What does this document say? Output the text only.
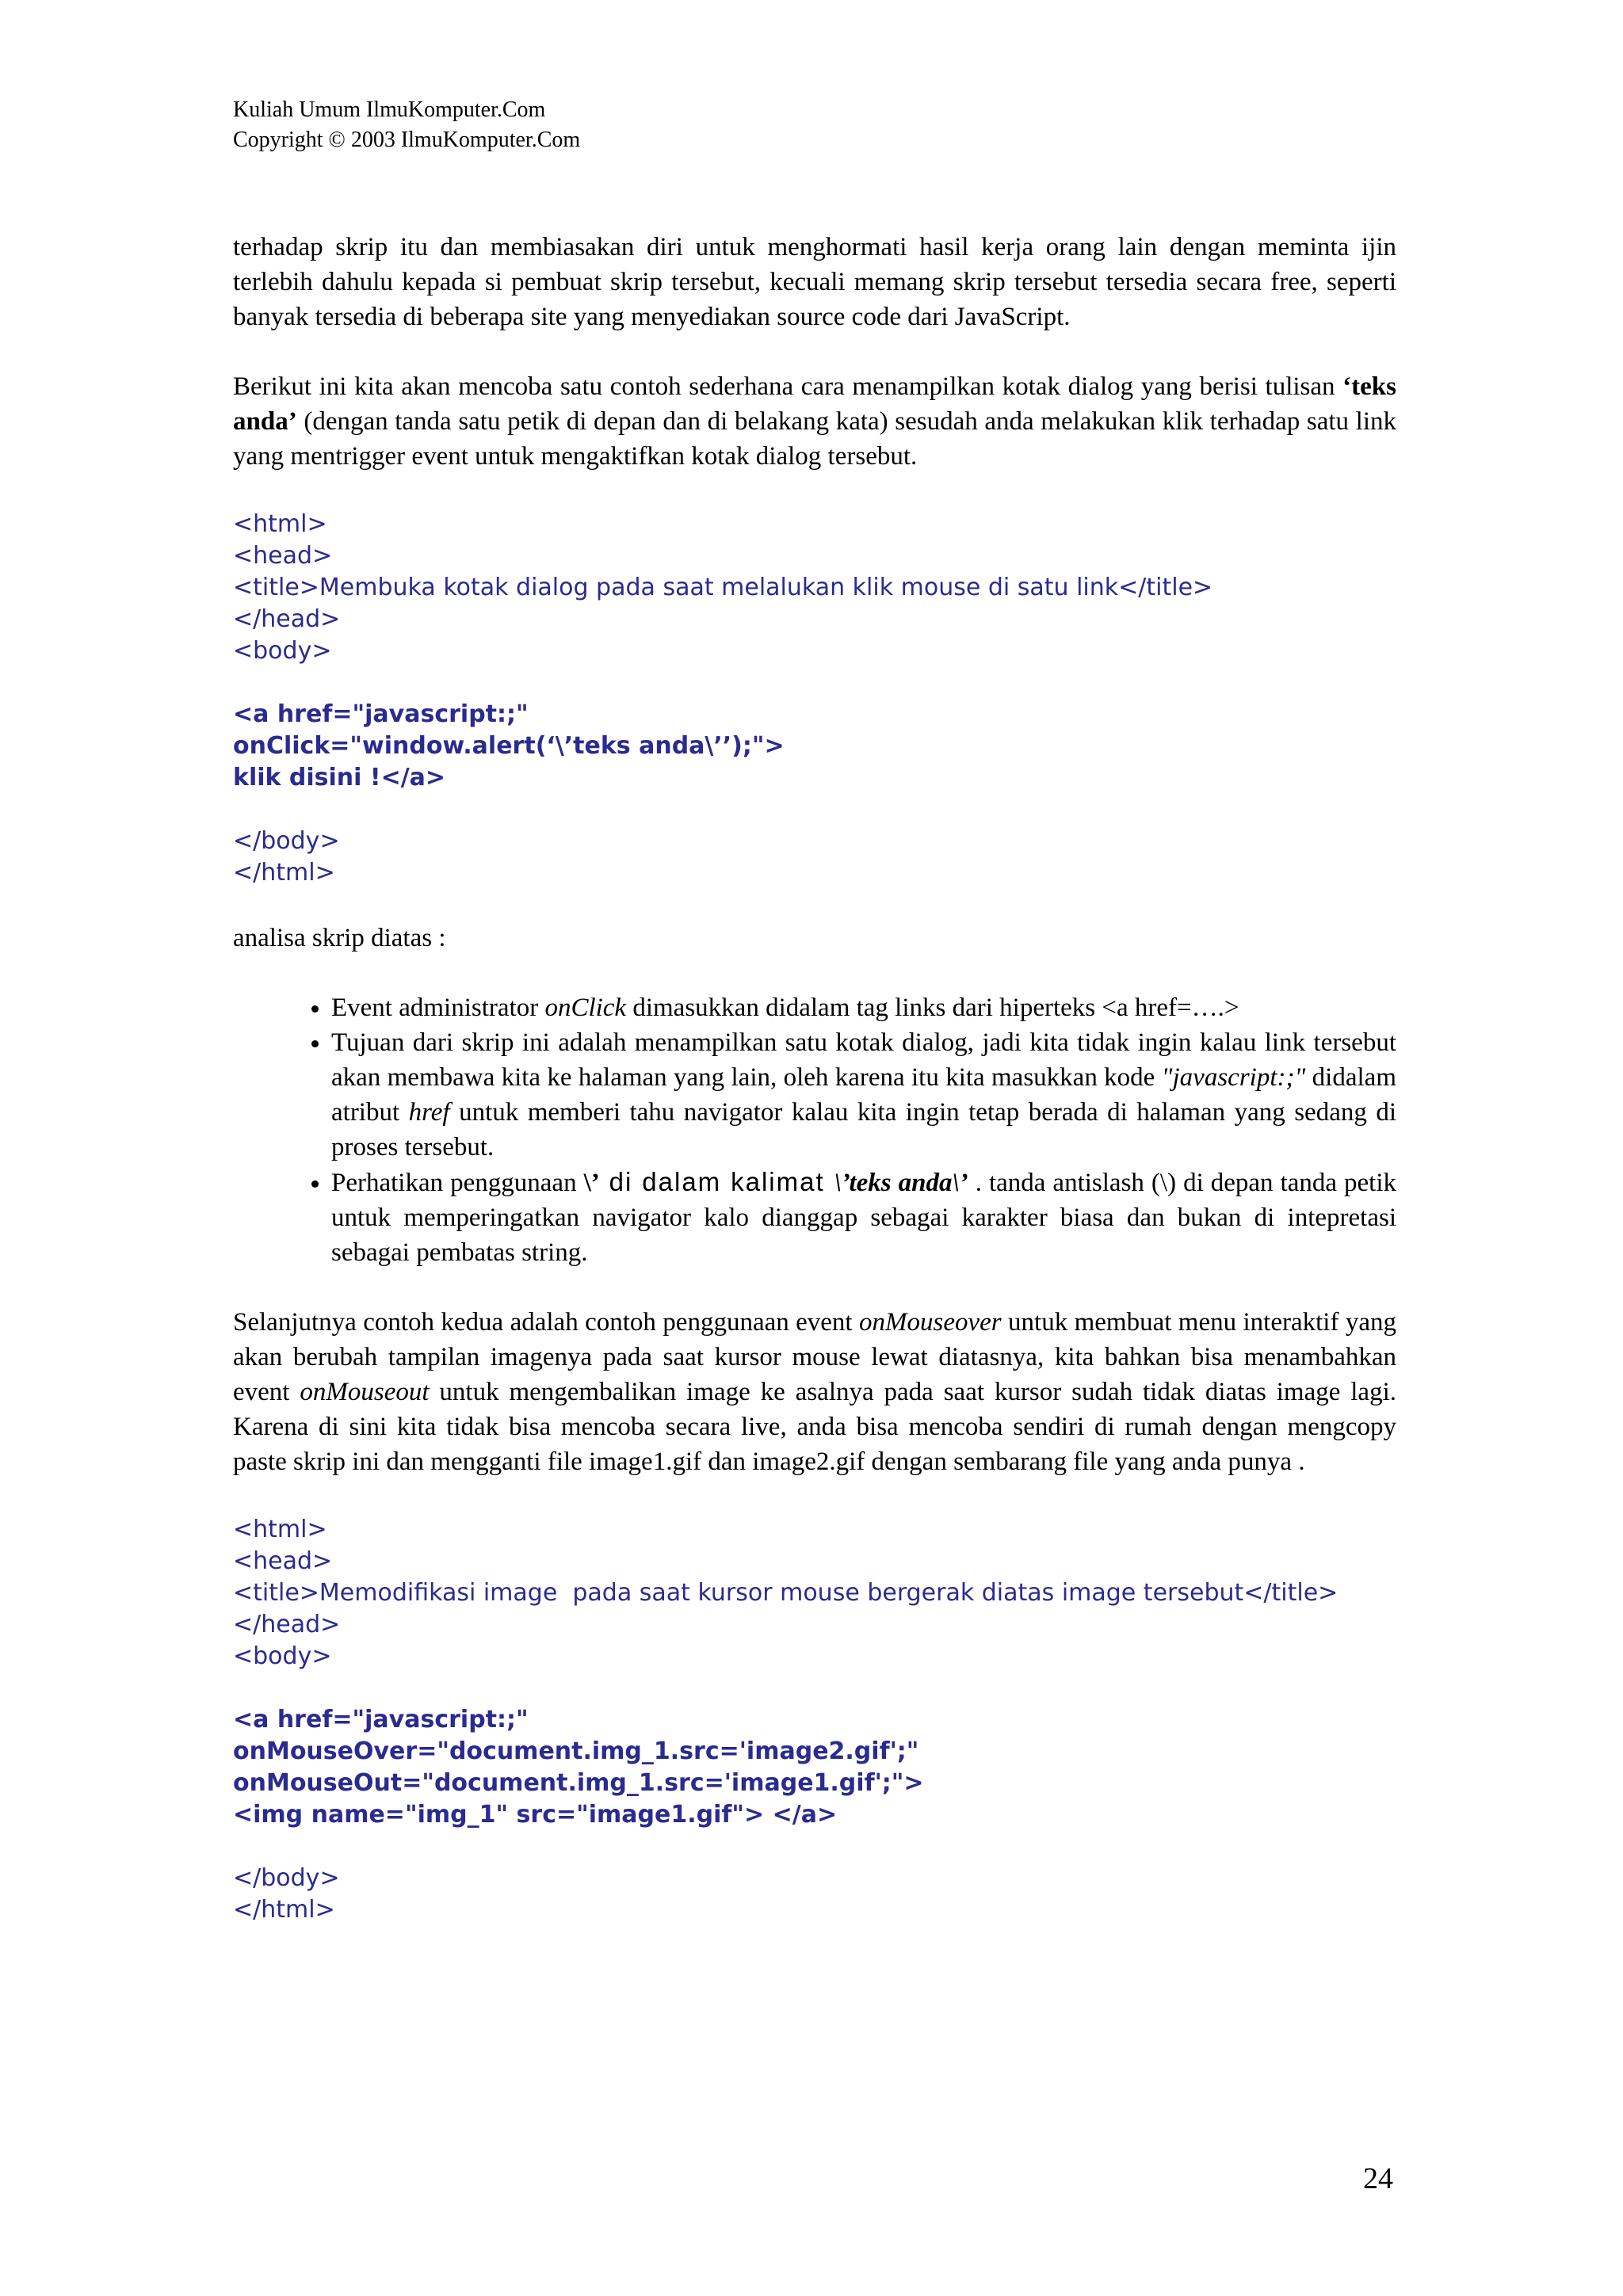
Kuliah Umum IlmuKomputer.Com
Copyright © 2003 IlmuKomputer.Com

terhadap skrip itu dan membiasakan diri untuk menghormati hasil kerja orang lain dengan meminta ijin terlebih dahulu kepada si pembuat skrip tersebut, kecuali memang skrip tersebut tersedia secara free, seperti banyak tersedia di beberapa site yang menyediakan source code dari JavaScript.

Berikut ini kita akan mencoba satu contoh sederhana cara menampilkan kotak dialog yang berisi tulisan ‘teks anda’ (dengan tanda satu petik di depan dan di belakang kata) sesudah anda melakukan klik terhadap satu link yang mentrigger event untuk mengaktifkan kotak dialog tersebut.

<html>
<head>
<title>Membuka kotak dialog pada saat melalukan klik mouse di satu link</title>
</head>
<body>
<a href="javascript:;"
onClick="window.alert(‘\’teks anda\’’);">
klik disini !</a>
</body>
</html>

analisa skrip diatas :

• Event administrator onClick dimasukkan didalam tag links dari hiperteks <a href=….>
• Tujuan dari skrip ini adalah menampilkan satu kotak dialog, jadi kita tidak ingin kalau link tersebut akan membawa kita ke halaman yang lain, oleh karena itu kita masukkan kode "javascript:;" didalam atribut href untuk memberi tahu navigator kalau kita ingin tetap berada di halaman yang sedang di proses tersebut.
• Perhatikan penggunaan \’ di dalam kalimat \’teks anda\’ . tanda antislash (\) di depan tanda petik untuk memperingatkan navigator kalo dianggap sebagai karakter biasa dan bukan di intepretasi sebagai pembatas string.

Selanjutnya contoh kedua adalah contoh penggunaan event onMouseover untuk membuat menu interaktif yang akan berubah tampilan imagenya pada saat kursor mouse lewat diatasnya, kita bahkan bisa menambahkan event onMouseout untuk mengembalikan image ke asalnya pada saat kursor sudah tidak diatas image lagi. Karena di sini kita tidak bisa mencoba secara live, anda bisa mencoba sendiri di rumah dengan mengcopy paste skrip ini dan mengganti file image1.gif dan image2.gif dengan sembarang file yang anda punya .

<html>
<head>
<title>Memodifikasi image  pada saat kursor mouse bergerak diatas image tersebut</title>
</head>
<body>
<a href="javascript:;"
onMouseOver="document.img_1.src='image2.gif';"
onMouseOut="document.img_1.src='image1.gif';">
<img name="img_1" src="image1.gif"> </a>
</body>
</html>
24
